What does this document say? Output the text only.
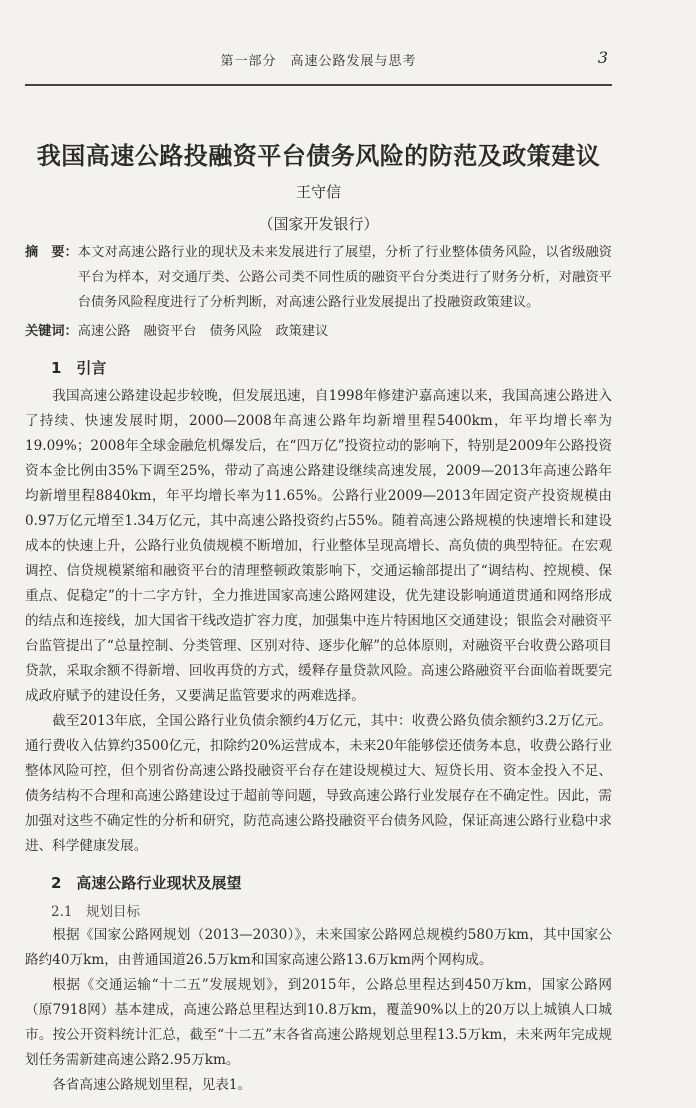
第一部分　高速公路发展与思考	3
我国高速公路投融资平台债务风险的防范及政策建议
王守信
（国家开发银行）
摘　要： 本文对高速公路行业的现状及未来发展进行了展望，分析了行业整体债务风险，以省级融资平台为样本，对交通厅类、公路公司类不同性质的融资平台分类进行了财务分析，对融资平台债务风险程度进行了分析判断，对高速公路行业发展提出了投融资政策建议。
关键词： 高速公路　融资平台　债务风险　政策建议
1　引言

我国高速公路建设起步较晚，但发展迅速，自1998年修建沪嘉高速以来，我国高速公路进入了持续、快速发展时期，2000—2008年高速公路年均新增里程5400km，年平均增长率为19.09%；2008年全球金融危机爆发后，在“四万亿”投资拉动的影响下，特别是2009年公路投资资本金比例由35%下调至25%，带动了高速公路建设继续高速发展，2009—2013年高速公路年均新增里程8840km，年平均增长率为11.65%。公路行业2009—2013年固定资产投资规模由0.97万亿元增至1.34万亿元，其中高速公路投资约占55%。随着高速公路规模的快速增长和建设成本的快速上升，公路行业负债规模不断增加，行业整体呈现高增长、高负债的典型特征。在宏观调控、信贷规模紧缩和融资平台的清理整顿政策影响下，交通运输部提出了“调结构、控规模、保重点、促稳定”的十二字方针，全力推进国家高速公路网建设，优先建设影响通道贯通和网络形成的结点和连接线，加大国省干线改造扩容力度，加强集中连片特困地区交通建设；银监会对融资平台监管提出了“总量控制、分类管理、区别对待、逐步化解”的总体原则，对融资平台收费公路项目贷款，采取余额不得新增、回收再贷的方式，缓释存量贷款风险。高速公路融资平台面临着既要完成政府赋予的建设任务，又要满足监管要求的两难选择。

截至2013年底，全国公路行业负债余额约4万亿元，其中：收费公路负债余额约3.2万亿元。通行费收入估算约3500亿元，扣除约20%运营成本，未来20年能够偿还债务本息，收费公路行业整体风险可控，但个别省份高速公路投融资平台存在建设规模过大、短贷长用、资本金投入不足、债务结构不合理和高速公路建设过于超前等问题，导致高速公路行业发展存在不确定性。因此，需加强对这些不确定性的分析和研究，防范高速公路投融资平台债务风险，保证高速公路行业稳中求进、科学健康发展。

2　高速公路行业现状及展望
2.1　规划目标

根据《国家公路网规划（2013—2030）》，未来国家公路网总规模约580万km，其中国家公路约40万km，由普通国道26.5万km和国家高速公路13.6万km两个网构成。

根据《交通运输“十二五”发展规划》，到2015年，公路总里程达到450万km，国家公路网（原7918网）基本建成，高速公路总里程达到10.8万km，覆盖90%以上的20万以上城镇人口城市。按公开资料统计汇总，截至“十二五”末各省高速公路规划总里程13.5万km，未来两年完成规划任务需新建高速公路2.95万km。

各省高速公路规划里程，见表1。
